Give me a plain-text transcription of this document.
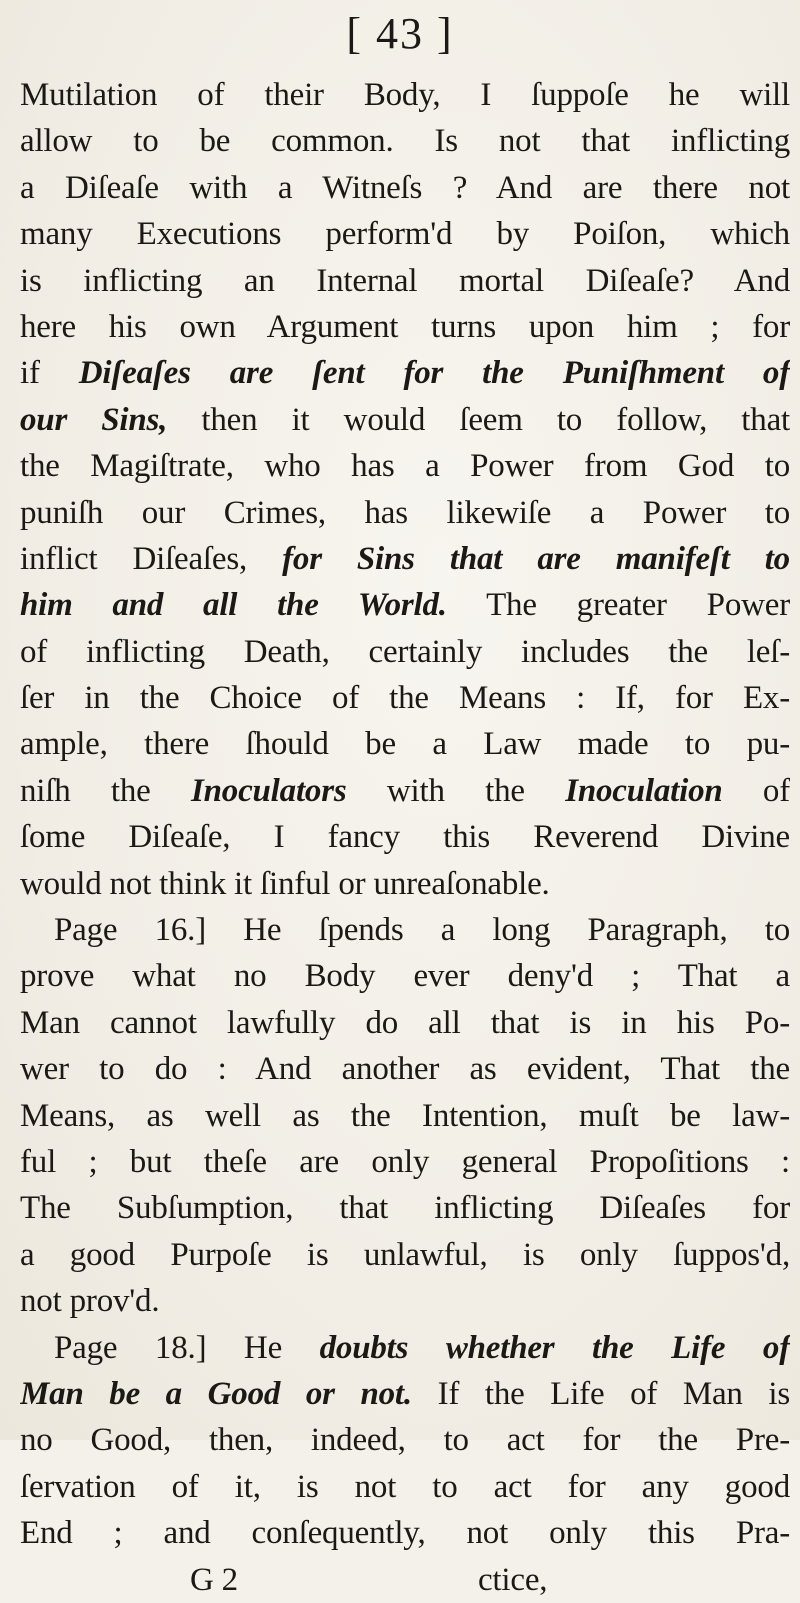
[ 43 ]
Mutilation of their Body, I ſuppoſe he will
allow to be common. Is not that inflicting
a Diſeaſe with a Witneſs ? And are there not
many Executions perform'd by Poiſon, which
is inflicting an Internal mortal Diſeaſe? And
here his own Argument turns upon him ; for
if Diſeaſes are ſent for the Puniſhment of
our Sins, then it would ſeem to follow, that
the Magiſtrate, who has a Power from God to
puniſh our Crimes, has likewiſe a Power to
inflict Diſeaſes, for Sins that are manifeſt to
him and all the World. The greater Power
of inflicting Death, certainly includes the leſ-
ſer in the Choice of the Means : If, for Ex-
ample, there ſhould be a Law made to pu-
niſh the Inoculators with the Inoculation of
ſome Diſeaſe, I fancy this Reverend Divine
would not think it ſinful or unreaſonable.
Page 16.] He ſpends a long Paragraph, to
prove what no Body ever deny'd ; That a
Man cannot lawfully do all that is in his Po-
wer to do : And another as evident, That the
Means, as well as the Intention, muſt be law-
ful ; but theſe are only general Propoſitions :
The Subſumption, that inflicting Diſeaſes for
a good Purpoſe is unlawful, is only ſuppos'd,
not prov'd.
Page 18.] He doubts whether the Life of
Man be a Good or not. If the Life of Man is
no Good, then, indeed, to act for the Pre-
ſervation of it, is not to act for any good
End ; and conſequently, not only this Pra-
G 2	ctice,
